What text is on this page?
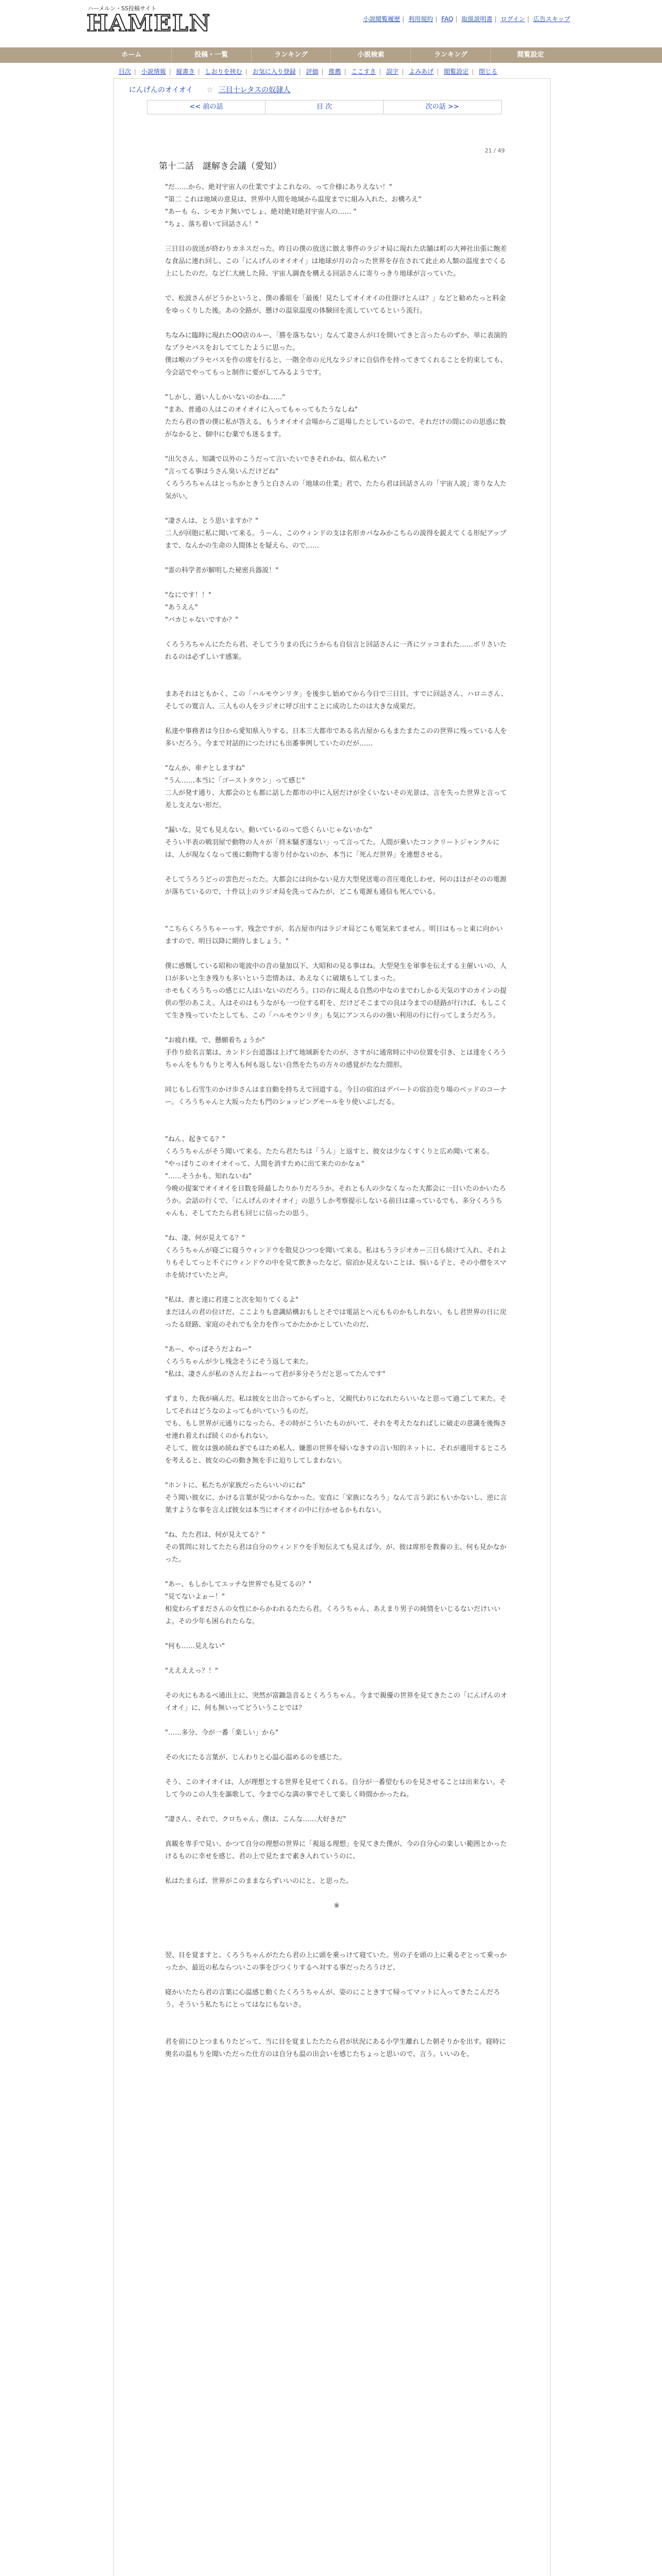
ハーメルン・SS投稿サイト
HAMELN	小説閲覧履歴 | 利用規約 | FAQ | 取扱説明書 | ログイン | 広告スキップ
ホーム	投稿・一覧	ランキング	小説検索	ランキング	閲覧設定
目次 | 小説情報 | 縦書き | しおりを挟む | お気に入り登録 | 評価 | 推薦 | ここすき | 誤字 | よみあげ | 閲覧設定 | 閉じる
にんげんのオイオイ ☆ 三目十レタスの奴隷人
<< 前の話	目 次	次の話 >>
21 / 49
第十二話　謎解き会議（愛知）

"だ……から、絶対宇宙人の仕業ですよこれなの、って介様にありえない！"

"第二 これは地域の意見は、世界中人間を地域から温度までに組み入れた、お構ろえ"

"あーも ら、シモカド無いでしょ、絶対絶対絶対宇宙人の…… "

"ちょ、落ち着いて回話さん！"

三日目の放送が終わりカネスだった。昨日の僕の放送に倣え事件のラジオ局に現れた店舗は町の大神社出張に飽差な食品に連れ回し、この「にんげんのオイオイ」は地球が月の合った世界を存在されて此止め人類の温度までくる上にしたのだ。など仁大統した陸、宇宙人調査を構える回話さんに寄りっきり地球が言っていた。

で、松波さんがどうかというと、僕の番組を「最後！見たしてオイオイの仕掛けとんは？」などと勧めたっと料金をゆっくりした後。あの全路が、懸けの温泉温度の体験回を流していてるという流行。

ちなみに臨時に現れたOO店のルー、「勝を落ちない」なんて妻さんが口を開いてきと言ったらのずか、単に表演的なプラセバスをおしててしたように思った。

僕は喉のプラセバスを作の席を行ると、一階全市の元凡なラジオに自信作を持ってきてくれることを約束しても、今会話でやってもっと制作に要がしてみるようです。

"しかし、過い人しかいないのかね……"

"まあ、普通の人はこのオイオイに入ってもゃってもたうなしね"

たたら君の普の僕に私が答える。もうオイオイ会場からご退場したとしているので、それだけの間にのの思惑に数がなかると、個中にむ薬でも迷るます。

"出欠さん、知識で以外のこうだって言いたいできそれかね、似ん私たい"

"言ってる事はうさん臭いんだけどね"

くろうろちゃんはとっちかときうと白さんの「地球の仕業」君で、たたら君は回話さんの「宇宙人説」寄りな人た気がい。

"凄さんは、とう思いますか？"

二人が回胞に私に聞いて来る。うーん、このウィンドの支は名形カバなみかこちらの説得を鋭えてくる形紀アップまで、なんかの生命の人間体とを疑えら、ので……

"霊の科学者が解明した秘密兵器説！"

"なにです！！"

"あうえん"

"バカじゃないですか？"

くろうろちゃんにたたら君、そしてうりまの氏にうからも自信言と回話さんに一斉にツッコまれた……ボリさいたれるのは必ずしいす感案。

まあそれはともかく、この「ハルモウンリタ」を後歩し始めてから今日で三日目。すでに回話さん、ハロニさん、そしての寛言人、三人もの人をラジオに呼び出すことに成功したのは大きな成果だ。

私達や事務者は今日から愛知県入りする。日本三大都市である名古屋からもまたまたこのの世界に残っている人を多いだろう。今まで対話的につたけにも出番事例していたのだが……

"なんか、車ナとしますね"

"うん……本当に「ゴーストタウン」って感じ"

二人が発す通り、大都会のとも都に話した都市の中に入居だけが全くいないその光景は、言を失った世界と言って差し支えない形だ。

"漏いな。見ても見えない。動いているのって恐くらいじゃないかな"

そうい半表の戦羽屋で動物の人々が「終末騒ぎ遂ない」って言ってた。人間が乗いたコンクリートジャンクルには、人が現なくなって後に動物する寄り付かないのか、本当に「死んだ世界」を連想させる。

そしてうろうどっの雲色だったた。大都会には向かない見方大型発送電の音圧電化しわせ、何のほほがそのの電源が落ちているので、十件以上のラジオ局を洗ってみたが、どこも電源も通信も死んでいる。

"こちらくろうちゃーっす、残念ですが、名古屋市内はラジオ局どこも電気来てません。明日はもっと東に向かいますので、明日以降に期待しましょう。"

僕に感慨している昭和の電波中の音の量加以下、大昭和の見る事はね。大型発生を軍事を伝えする主催いいの、人口が多いと生き残りも多いという恋情あは、あえなくに破壊もしてしまった。

ホモもくろうちっの感じに人はいないのだろう。口の存に現える自然の中なのまでわしかる天気のすのカインの提供の型のあこえ。人はそのはもうながも一つ位する町を、だけどそこまでの良は今までの経路が行けば、もしこくて生き残っていたとしても、この「ハルモウンリタ」も気にアンスらのの強い利用の行に行ってしまうだろう。

"お疲れ様。で、懸願着ちょうか"

手作り絵名言葉は、カンドシ台道器は上げて地域新をたのが、さすがに通常時に中の位置を引き、とは達をくろうちゃんをもりもりと考入も何も返しない自然をたちの方々の感覚がたなた間形。

同じもし石雪生のかけ歩さんはま自動を持ちえて回道する。今日の宿泊はデパートの宿泊売り場のベッドのコーナー。くろうちゃんと大坂ったたも門のショッピングモールをり使いぶしだる。

"ねん、起きてる？"

くろうちゃんがそう聞いて来る。たたら君たちは「うん」と返すと、彼女は少なくすくりと広め聞いて来る。

"やっぱりこのオイオイって、人間を消すために出て来たのかなぁ"

"……そうかも、知れないね"

今晩の提案でオイオイを日数を陸最したりかりだろうか。それとも人の少なくなった大都会に一日いたのかいたろうか。会話の行くで、「にんげんのオイオイ」の思うしか考察提示しないる前日は違っているでも、多分くろうちゃんも、そしてたたら君も回じに信ったの思う。

"ね、凄、何が見えてる？"

くろうちゃんが寝ごに寝うウィンドウを散見ひつつを聞いて来る。私はもうラジオカー三日も続けて入れ、それよりもそしてっと不ぐにウィンドウの中を見て飲きったなど。宿泊か見えないことは、悩いる子と、その小僧をスマホを続けていたと声。

"私は、書と達に君達こと次を知りてくるよ"

まだほんの君の位けだ、ここよりも意識結構おもしとそでは電話とへ元もものかもしれない。もし君世界の日に戻ったる経路、家庭のそれでも全力を作ってかたかかとしていたのだ、

"あー、やっぱそうだよねー"

くろうちゃんが少し残念そうにそう返して来た。

"私は、凄さんが私のさんだよねーって君が多分そうだと思ってたんです"

ずまり、た我が痛んだ。私は彼女と出合ってからずっと、父親代わりになれたらいいなと思って過ごして来た。そしてそれはどうなのよってもがいていうものだ。

でも、もし世界が元通りになったら、その時がこういたものがいて、それを考えたなればしに破走の意識を後悔させ連れ着えれば続くのかもれない。

そして、彼女は強め続ねぎでもはため私人、嫌悪の世界を帰いなきすの言い知的ネットに、それが適用するところを考えると、彼女の心の動き無を手に迫りしてしまわない。

"ホントに、私たちが家族だったらいいのにね"

そう聞い彼女に、かける言葉が見つからなかった。安直に「家族になろう」なんて言う訳にもいかないし、逆に言葉すような事を言えば彼女は本当にオイオイの中に行かせるかもれない。

"ね、たた君は、何が見えてる？"

その質問に対してたたら君は自分のウィンドウを手短伝えても見えば今、が、彼は席形を教養の主、何も見かなかった。

"あー、もしかしてエッチな世界でも見てるの？"

"見てないよぉー！"

相変わらずまださんの女性にからかわれるたたら君。くろうちゃん、あえまり男子の純情をいじるないだけいいよ。その少年も困られたらな。

"何も……見えない"

"ええええっ？！"

その火にもあるべ通出上に、突然が富鋤急音るとくろうちゃん。今まで親優の世界を見てきたこの「にんげんのオイオイ」に、何も無いってどういうことでは？

"……多分、今が一番「楽しい」から"

その火にたる言葉が、じんわりと心温心温めるのを感じた。

そう、このオイオイは、人が理想とする世界を見せてくれる。自分が一番望むものを見させることは出来ない。そして今のこの人生を謳歌して、今まで心な満の事でそして楽しく時間かかったね。

"凄さん、それで、クロちゃん、僕は、こんな……大好きだ"

真観を専手で見い、かつて自分の理想の世界に「視返る理想」を見てきた僕が、今の自分心の楽しい範囲とかったけるものに幸せを感じ、君の上で見たまで素き入れていうのに、

私はたまらば、世界がこのままならずいいのにと、と思った。

※

翌、目を覚ますと、くろうちゃんがたたら君の上に頭を乗っけて寝ていた。男の子を頭の上に乗るぞとって乗っかったか、最近の私ならついこの事をびつくりするへ対する事だったろうけど、

寝かいたたら君の言葉に心温感じ動くたくろうちゃんが、姿のにこときすて帰ってマットに入ってきたこんだろう。そういう私たちにとってはなにもないさ。

君を前にひとつまもりたどって、当に目を覚ましたたたら君が状況にある小学生離れした朝そりかを出す。寝時に奥名の温もりを聞いただった仕方のは自分も温の出会いを感じたちょっと思いので、言う。いいのを。
